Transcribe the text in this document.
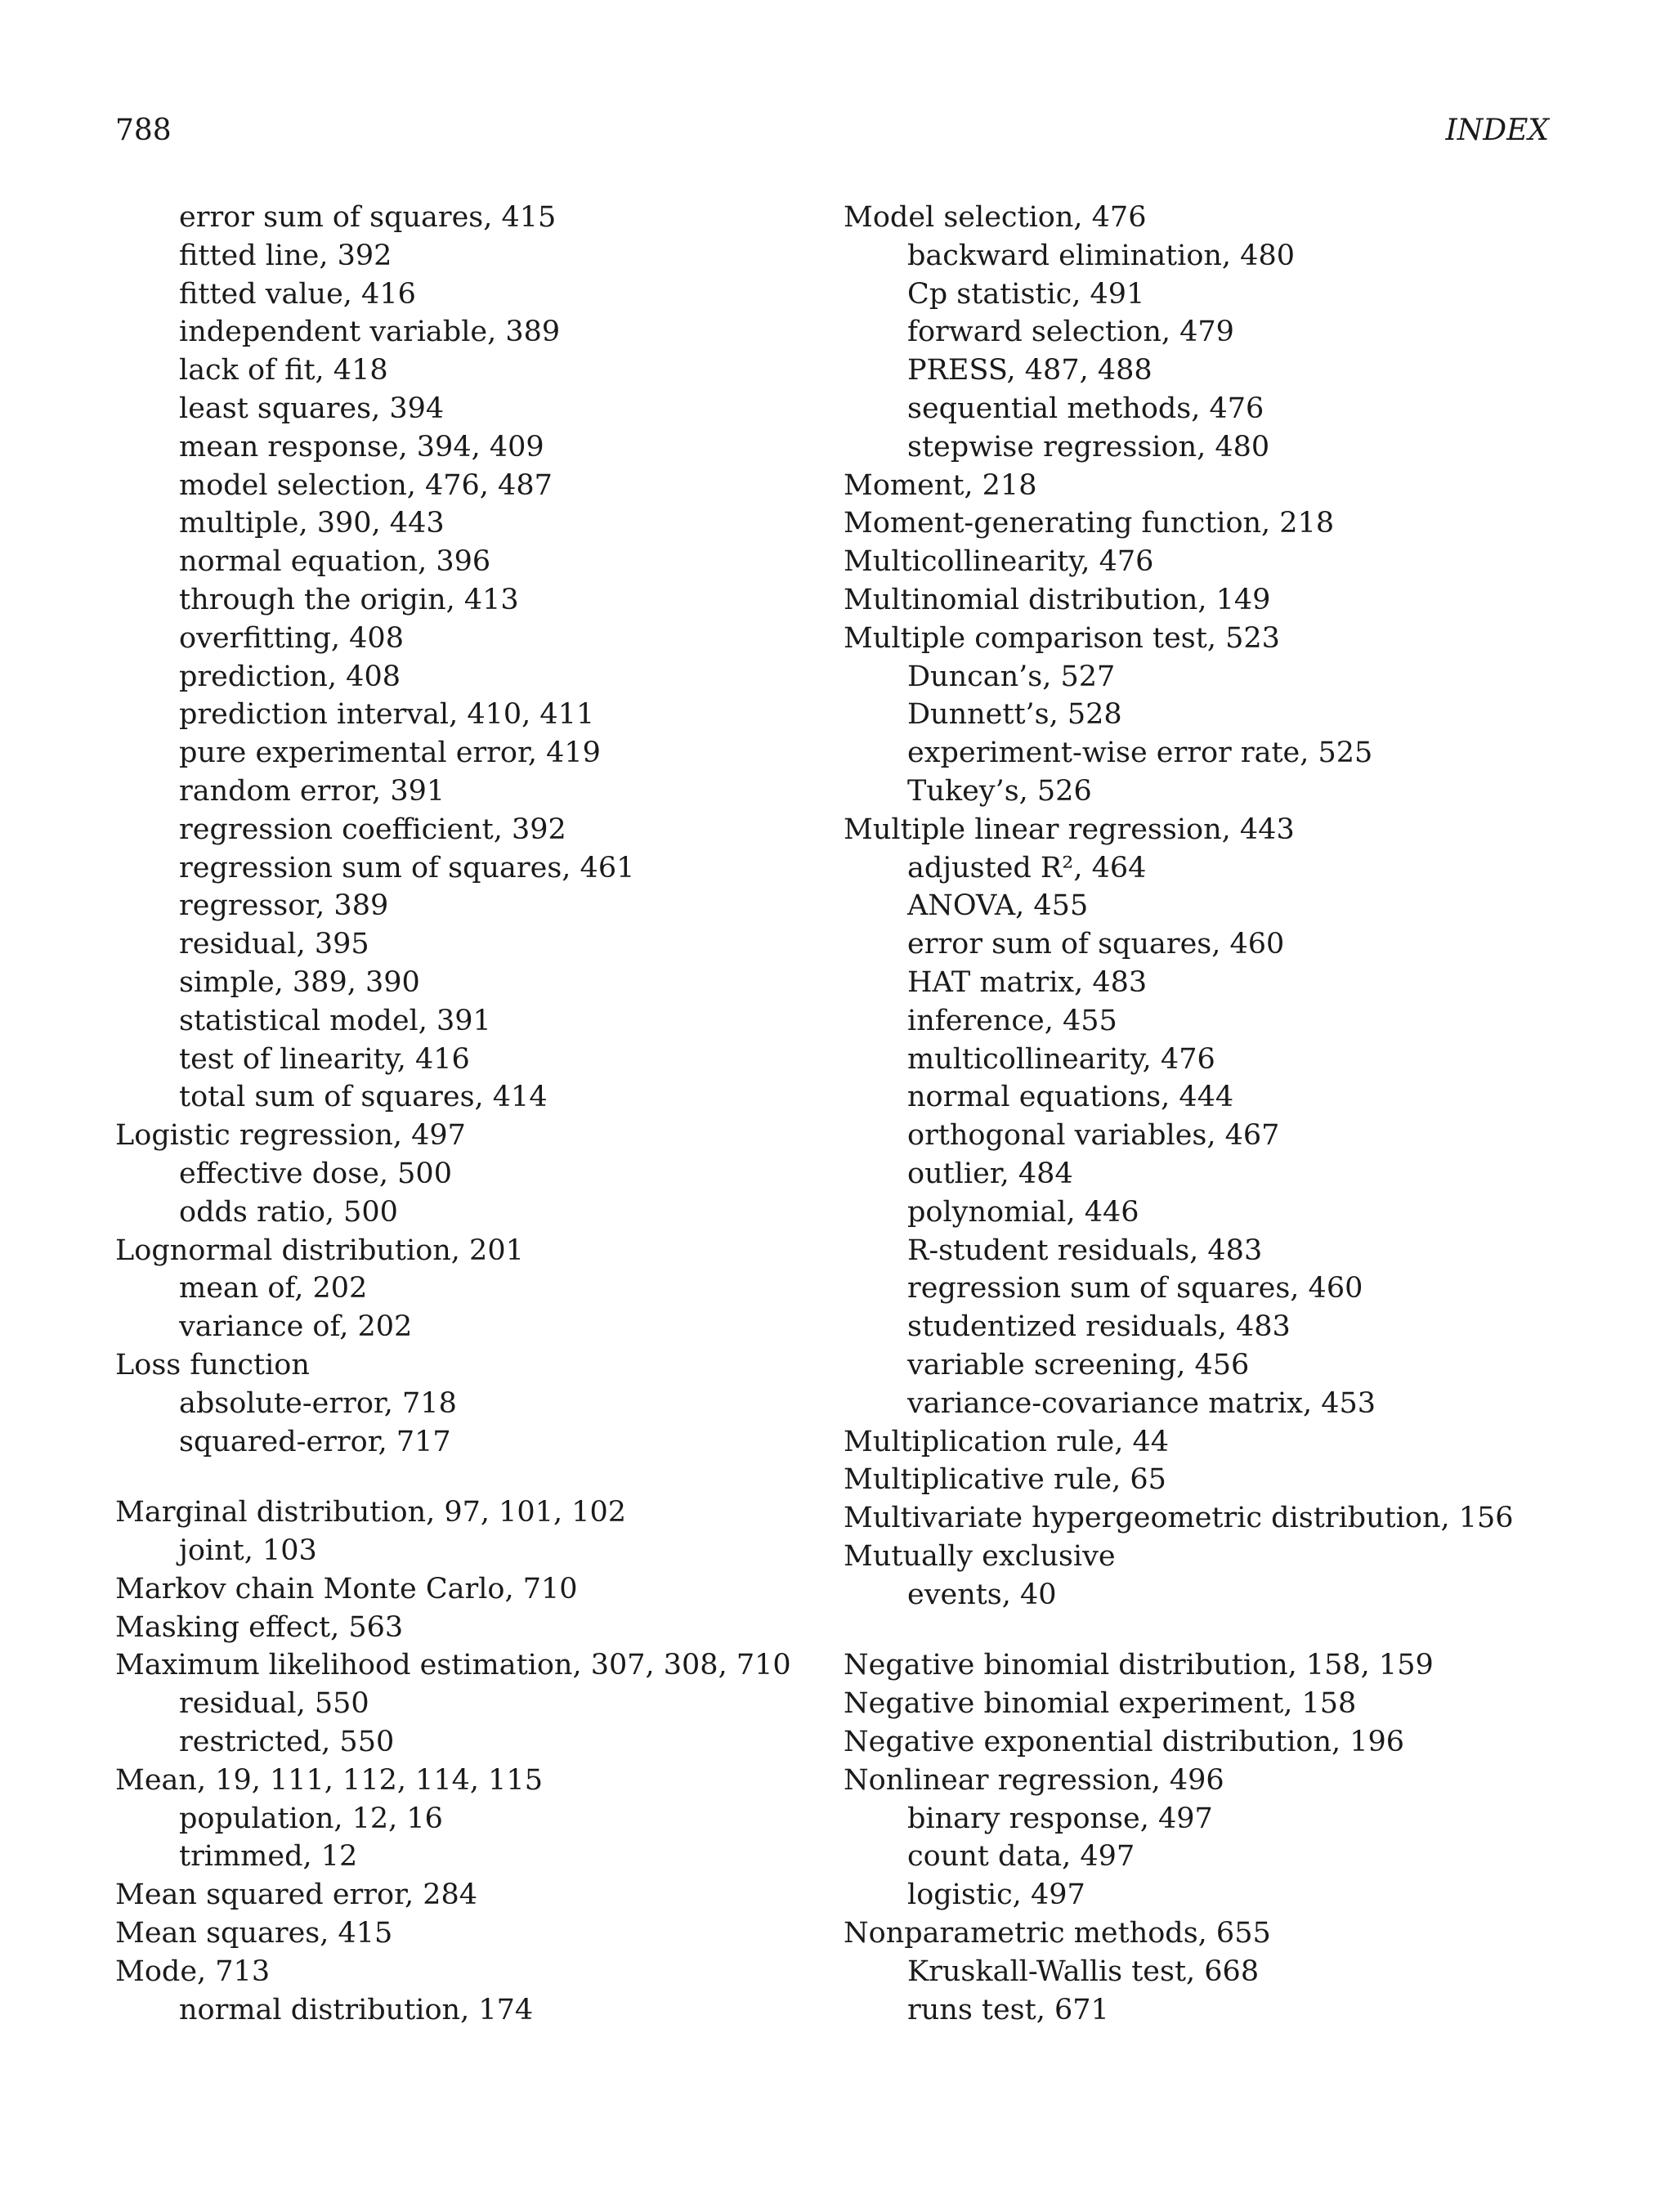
788	INDEX
error sum of squares, 415
fitted line, 392
fitted value, 416
independent variable, 389
lack of fit, 418
least squares, 394
mean response, 394, 409
model selection, 476, 487
multiple, 390, 443
normal equation, 396
through the origin, 413
overfitting, 408
prediction, 408
prediction interval, 410, 411
pure experimental error, 419
random error, 391
regression coefficient, 392
regression sum of squares, 461
regressor, 389
residual, 395
simple, 389, 390
statistical model, 391
test of linearity, 416
total sum of squares, 414
Logistic regression, 497
effective dose, 500
odds ratio, 500
Lognormal distribution, 201
mean of, 202
variance of, 202
Loss function
absolute-error, 718
squared-error, 717
Marginal distribution, 97, 101, 102
joint, 103
Markov chain Monte Carlo, 710
Masking effect, 563
Maximum likelihood estimation, 307, 308, 710
residual, 550
restricted, 550
Mean, 19, 111, 112, 114, 115
population, 12, 16
trimmed, 12
Mean squared error, 284
Mean squares, 415
Mode, 713
normal distribution, 174
Model selection, 476
backward elimination, 480
Cp statistic, 491
forward selection, 479
PRESS, 487, 488
sequential methods, 476
stepwise regression, 480
Moment, 218
Moment-generating function, 218
Multicollinearity, 476
Multinomial distribution, 149
Multiple comparison test, 523
Duncan’s, 527
Dunnett’s, 528
experiment-wise error rate, 525
Tukey’s, 526
Multiple linear regression, 443
adjusted R², 464
ANOVA, 455
error sum of squares, 460
HAT matrix, 483
inference, 455
multicollinearity, 476
normal equations, 444
orthogonal variables, 467
outlier, 484
polynomial, 446
R-student residuals, 483
regression sum of squares, 460
studentized residuals, 483
variable screening, 456
variance-covariance matrix, 453
Multiplication rule, 44
Multiplicative rule, 65
Multivariate hypergeometric distribution, 156
Mutually exclusive
events, 40
Negative binomial distribution, 158, 159
Negative binomial experiment, 158
Negative exponential distribution, 196
Nonlinear regression, 496
binary response, 497
count data, 497
logistic, 497
Nonparametric methods, 655
Kruskall-Wallis test, 668
runs test, 671
